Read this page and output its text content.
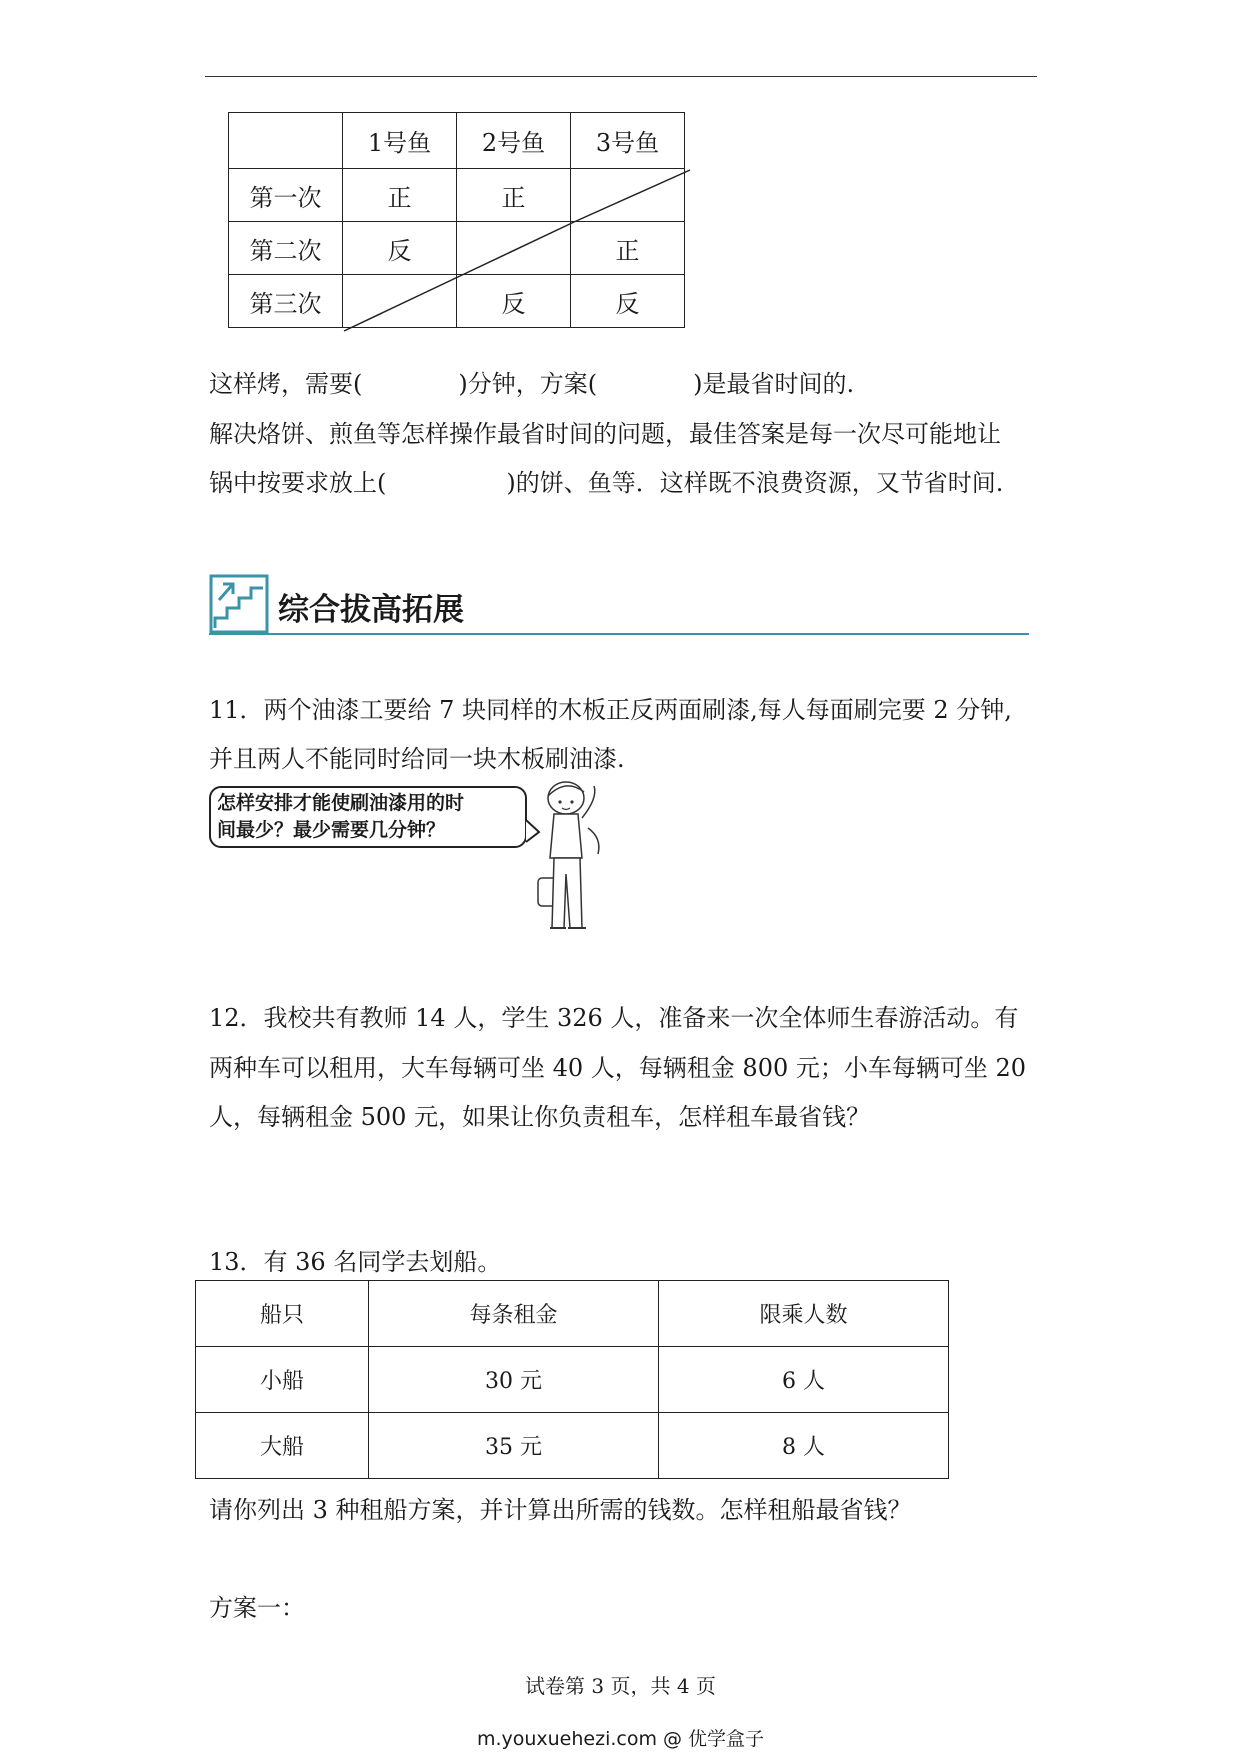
	1号鱼	2号鱼	3号鱼
第一次	正	正	
第二次	反		正
第三次		反	反
这样烤，需要(　　　　)分钟，方案(　　　　)是最省时间的.
解决烙饼、煎鱼等怎样操作最省时间的问题，最佳答案是每一次尽可能地让
锅中按要求放上(　　　　　)的饼、鱼等．这样既不浪费资源，又节省时间.
综合拔高拓展
11．两个油漆工要给 7 块同样的木板正反两面刷漆,每人每面刷完要 2 分钟,
并且两人不能同时给同一块木板刷油漆.
怎样安排才能使刷油漆用的时
间最少？最少需要几分钟？
12．我校共有教师 14 人，学生 326 人，准备来一次全体师生春游活动。有
两种车可以租用，大车每辆可坐 40 人，每辆租金 800 元；小车每辆可坐 20
人，每辆租金 500 元，如果让你负责租车，怎样租车最省钱？
13．有 36 名同学去划船。
船只	每条租金	限乘人数
小船	30 元	6 人
大船	35 元	8 人
请你列出 3 种租船方案，并计算出所需的钱数。怎样租船最省钱？
方案一：
试卷第 3 页，共 4 页
m.youxuehezi.com @ 优学盒子
